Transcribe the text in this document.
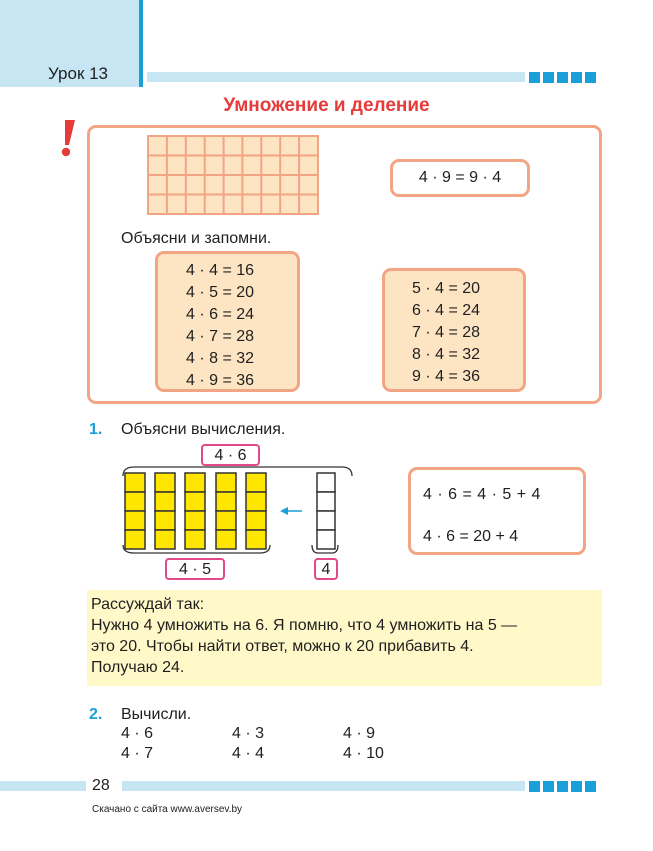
Урок 13
Умножение и деление
4 · 9 = 9 · 4
Объясни и запомни.
4 · 4 = 16
4 · 5 = 20
4 · 6 = 24
4 · 7 = 28
4 · 8 = 32
4 · 9 = 36
5 · 4 = 20
6 · 4 = 24
7 · 4 = 28
8 · 4 = 32
9 · 4 = 36
1. Объясни вычисления.
4 · 6
4 · 5	4
4 · 6 = 4 · 5 + 4
4 · 6 = 20 + 4

Рассуждай так:

Нужно 4 умножить на 6. Я помню, что 4 умножить на 5 —

это 20. Чтобы найти ответ, можно к 20 прибавить 4.

Получаю 24.

2. Вычисли.
4 · 6
4 · 7
4 · 3
4 · 4
4 · 9
4 · 10
28
Скачано с сайта www.aversev.by
